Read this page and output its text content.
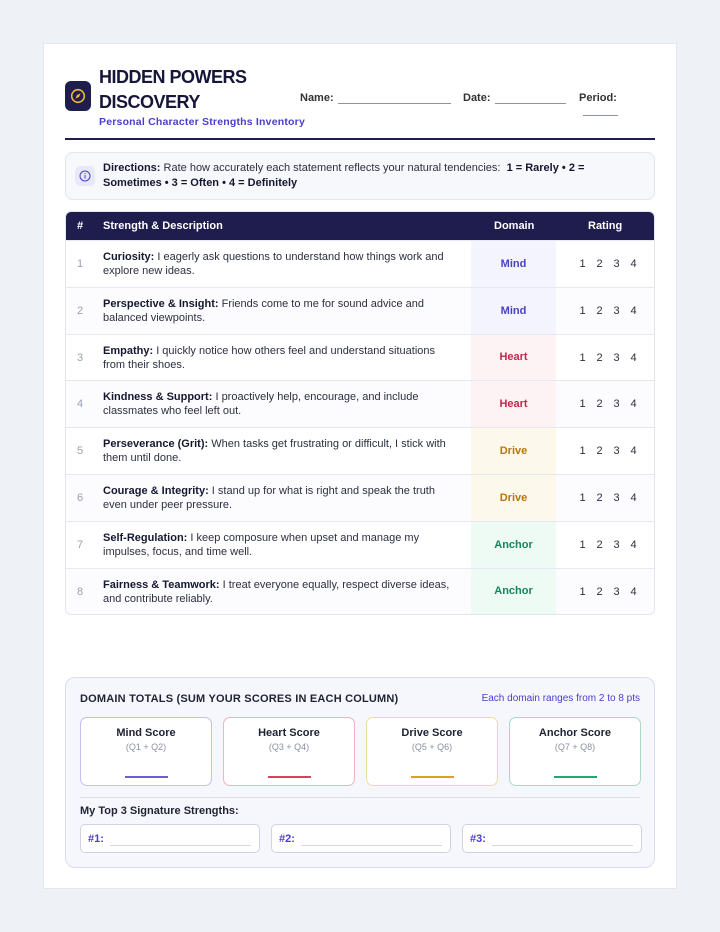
HIDDEN POWERS
DISCOVERY
Personal Character Strengths Inventory
Name:	Date:	Period:
Directions: Rate how accurately each statement reflects your natural tendencies: 1 = Rarely • 2 = Sometimes • 3 = Often • 4 = Definitely
# Strength & Description	Domain	Rating
1
Curiosity: I eagerly ask questions to understand how things work and explore new ideas.
Mind	1 2 3 4
2
Perspective & Insight: Friends come to me for sound advice and balanced viewpoints.
Mind	1 2 3 4
3
Empathy: I quickly notice how others feel and understand situations from their shoes.
Heart	1 2 3 4
4
Kindness & Support: I proactively help, encourage, and include classmates who feel left out.
Heart	1 2 3 4
5
Perseverance (Grit): When tasks get frustrating or difficult, I stick with them until done.
Drive	1 2 3 4
6
Courage & Integrity: I stand up for what is right and speak the truth even under peer pressure.
Drive	1 2 3 4
7
Self-Regulation: I keep composure when upset and manage my impulses, focus, and time well.
Anchor	1 2 3 4
8
Fairness & Teamwork: I treat everyone equally, respect diverse ideas, and contribute reliably.
Anchor	1 2 3 4
DOMAIN TOTALS (SUM YOUR SCORES IN EACH COLUMN)	Each domain ranges from 2 to 8 pts
Mind Score
(Q1 + Q2)
Heart Score
(Q3 + Q4)
Drive Score
(Q5 + Q6)
Anchor Score
(Q7 + Q8)
My Top 3 Signature Strengths:
#1:	#2:	#3:
